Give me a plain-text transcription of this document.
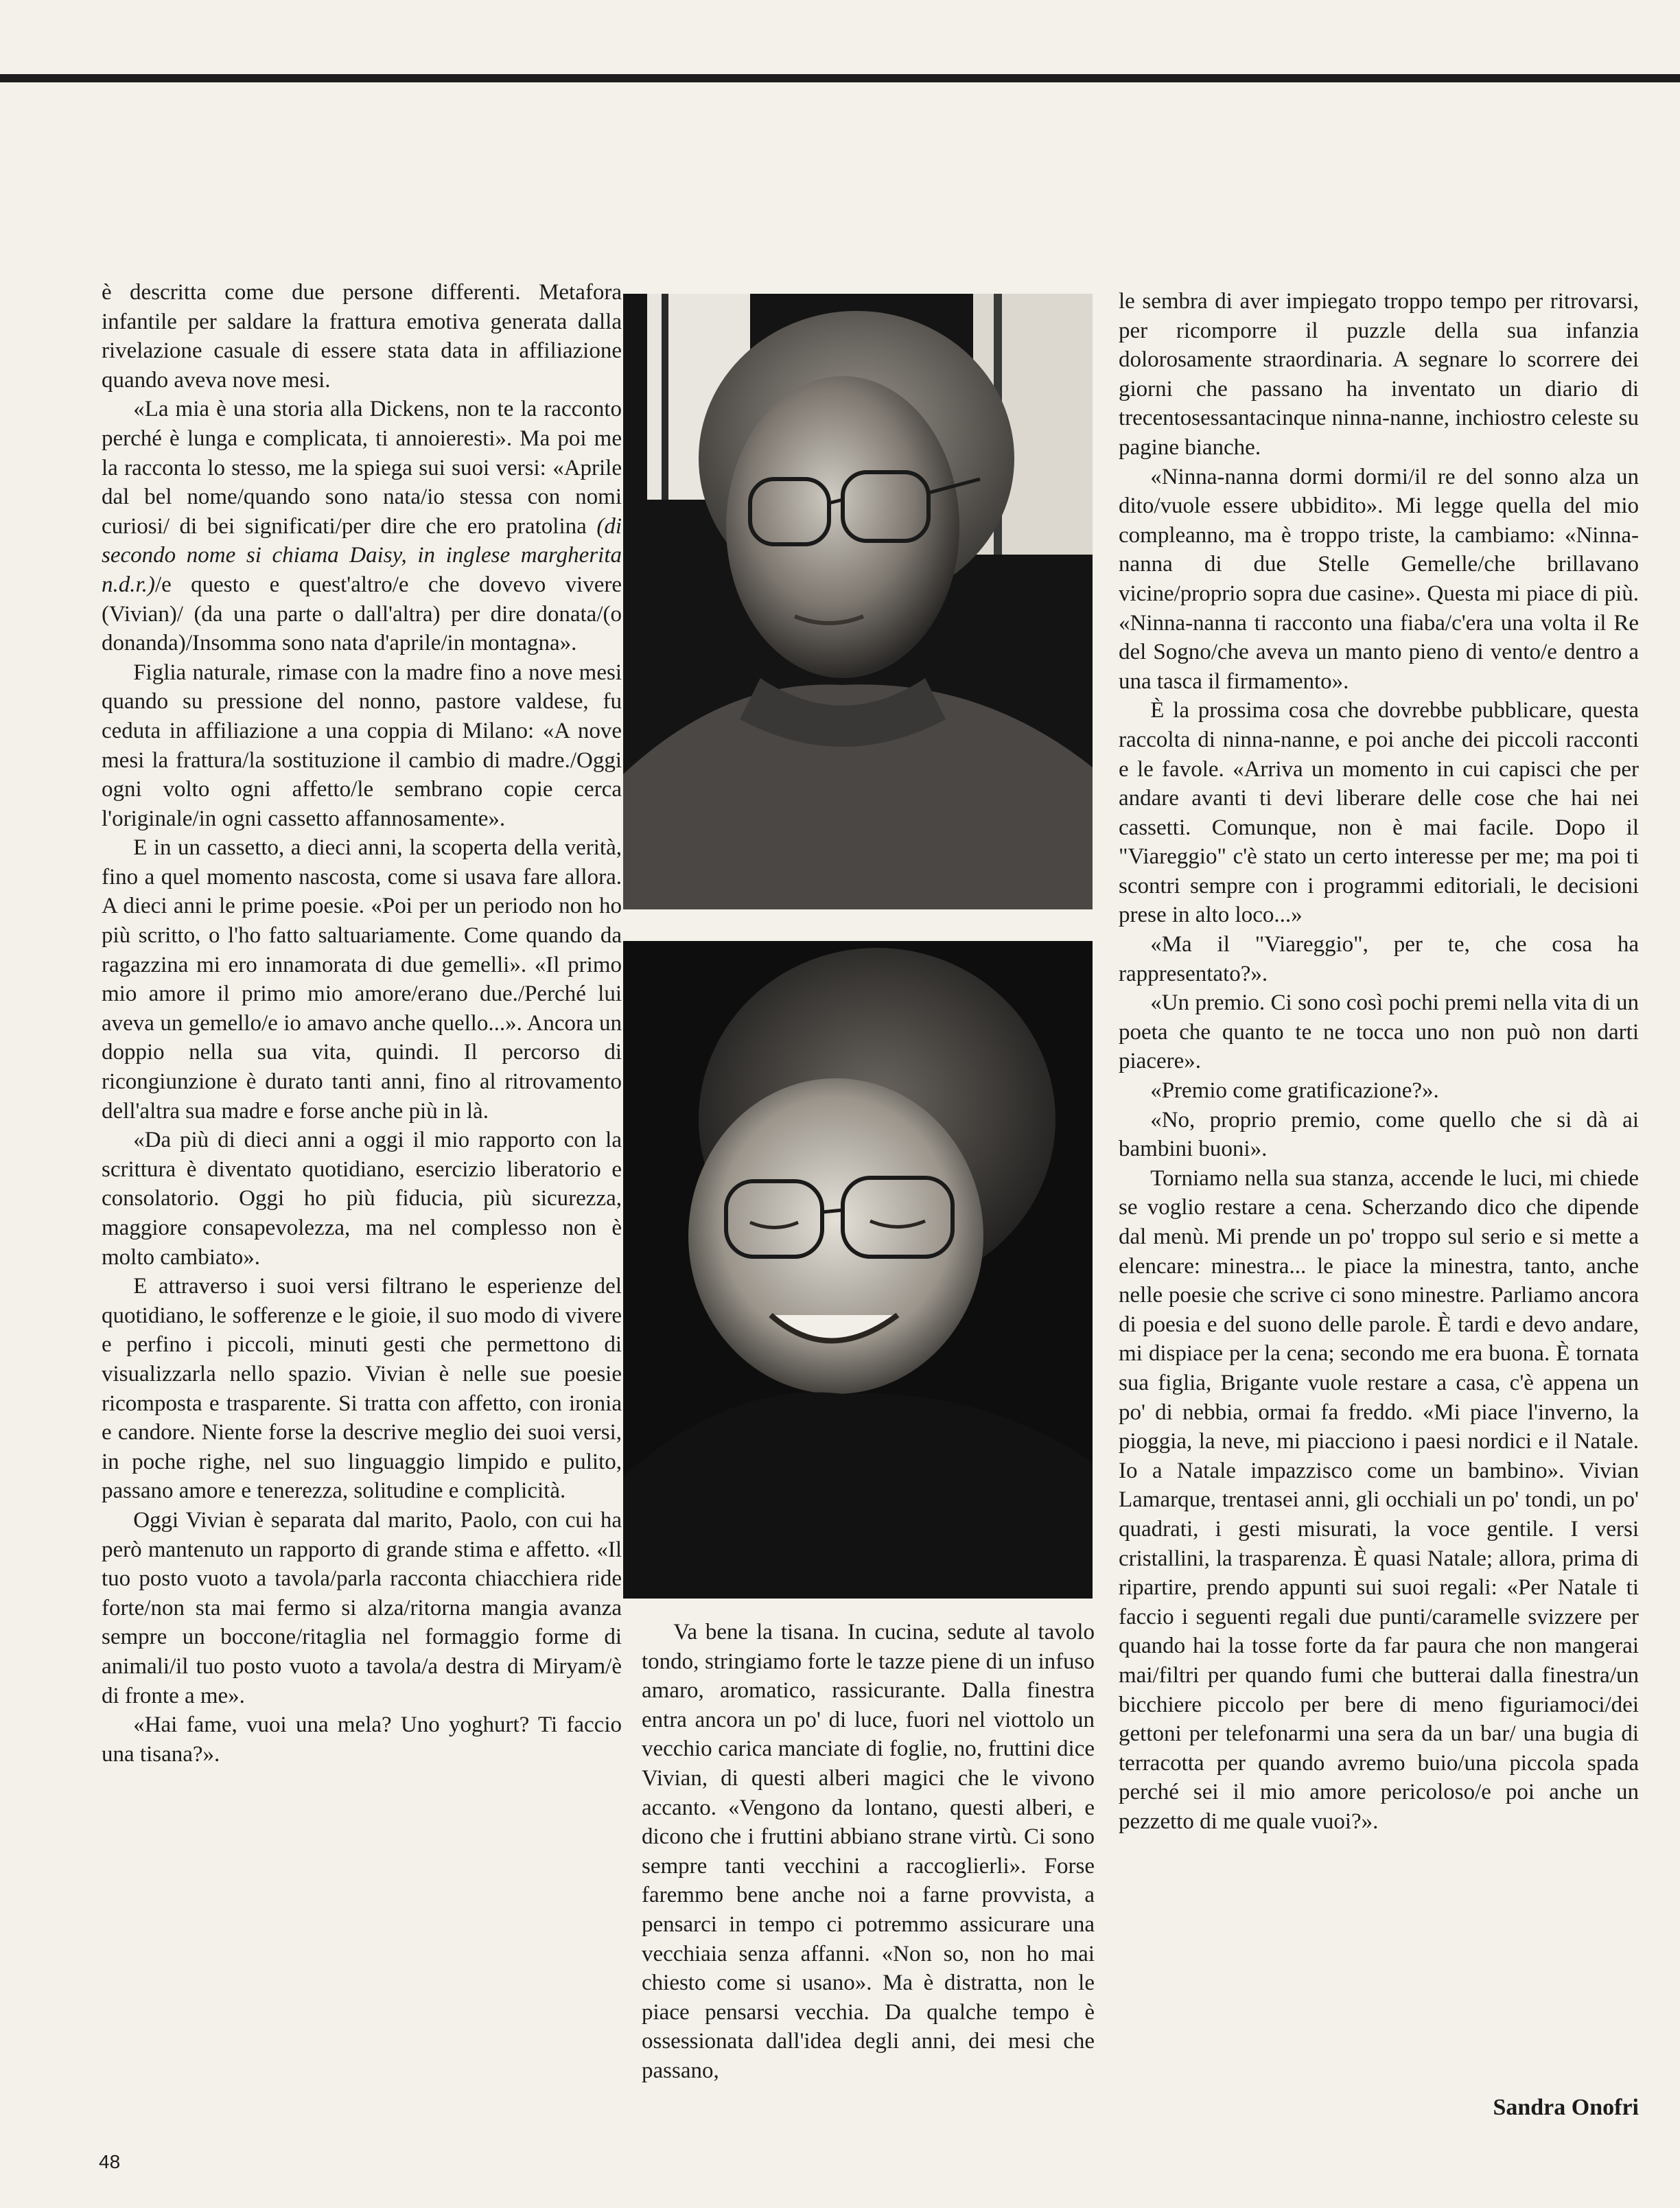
è descritta come due persone differenti. Metafora infantile per saldare la frattura emotiva generata dalla rivelazione casuale di essere stata data in affiliazione quando aveva nove mesi.

«La mia è una storia alla Dickens, non te la racconto perché è lunga e complicata, ti annoieresti». Ma poi me la racconta lo stesso, me la spiega sui suoi versi: «Aprile dal bel nome/quando sono nata/io stessa con nomi curiosi/ di bei significati/per dire che ero pratolina (di secondo nome si chiama Daisy, in inglese margherita n.d.r.)/e questo e quest'altro/e che dovevo vivere (Vivian)/ (da una parte o dall'altra) per dire donata/(o donanda)/Insomma sono nata d'aprile/in montagna».

Figlia naturale, rimase con la madre fino a nove mesi quando su pressione del nonno, pastore valdese, fu ceduta in affiliazione a una coppia di Milano: «A nove mesi la frattura/la sostituzione il cambio di madre./Oggi ogni volto ogni affetto/le sembrano copie cerca l'originale/in ogni cassetto affannosamente».

E in un cassetto, a dieci anni, la scoperta della verità, fino a quel momento nascosta, come si usava fare allora. A dieci anni le prime poesie. «Poi per un periodo non ho più scritto, o l'ho fatto saltuariamente. Come quando da ragazzina mi ero innamorata di due gemelli». «Il primo mio amore il primo mio amore/erano due./Perché lui aveva un gemello/e io amavo anche quello...». Ancora un doppio nella sua vita, quindi. Il percorso di ricongiunzione è durato tanti anni, fino al ritrovamento dell'altra sua madre e forse anche più in là.

«Da più di dieci anni a oggi il mio rapporto con la scrittura è diventato quotidiano, esercizio liberatorio e consolatorio. Oggi ho più fiducia, più sicurezza, maggiore consapevolezza, ma nel complesso non è molto cambiato».

E attraverso i suoi versi filtrano le esperienze del quotidiano, le sofferenze e le gioie, il suo modo di vivere e perfino i piccoli, minuti gesti che permettono di visualizzarla nello spazio. Vivian è nelle sue poesie ricomposta e trasparente. Si tratta con affetto, con ironia e candore. Niente forse la descrive meglio dei suoi versi, in poche righe, nel suo linguaggio limpido e pulito, passano amore e tenerezza, solitudine e complicità.

Oggi Vivian è separata dal marito, Paolo, con cui ha però mantenuto un rapporto di grande stima e affetto. «Il tuo posto vuoto a tavola/parla racconta chiacchiera ride forte/non sta mai fermo si alza/ritorna mangia avanza sempre un boccone/ritaglia nel formaggio forme di animali/il tuo posto vuoto a tavola/a destra di Miryam/è di fronte a me».

«Hai fame, vuoi una mela? Uno yoghurt? Ti faccio una tisana?».

Va bene la tisana. In cucina, sedute al tavolo tondo, stringiamo forte le tazze piene di un infuso amaro, aromatico, rassicurante. Dalla finestra entra ancora un po' di luce, fuori nel viottolo un vecchio carica manciate di foglie, no, fruttini dice Vivian, di questi alberi magici che le vivono accanto. «Vengono da lontano, questi alberi, e dicono che i fruttini abbiano strane virtù. Ci sono sempre tanti vecchini a raccoglierli». Forse faremmo bene anche noi a farne provvista, a pensarci in tempo ci potremmo assicurare una vecchiaia senza affanni. «Non so, non ho mai chiesto come si usano». Ma è distratta, non le piace pensarsi vecchia. Da qualche tempo è ossessionata dall'idea degli anni, dei mesi che passano,

le sembra di aver impiegato troppo tempo per ritrovarsi, per ricomporre il puzzle della sua infanzia dolorosamente straordinaria. A segnare lo scorrere dei giorni che passano ha inventato un diario di trecentosessantacinque ninna-nanne, inchiostro celeste su pagine bianche.

«Ninna-nanna dormi dormi/il re del sonno alza un dito/vuole essere ubbidito». Mi legge quella del mio compleanno, ma è troppo triste, la cambiamo: «Ninna-nanna di due Stelle Gemelle/che brillavano vicine/proprio sopra due casine». Questa mi piace di più. «Ninna-nanna ti racconto una fiaba/c'era una volta il Re del Sogno/che aveva un manto pieno di vento/e dentro a una tasca il firmamento».

È la prossima cosa che dovrebbe pubblicare, questa raccolta di ninna-nanne, e poi anche dei piccoli racconti e le favole. «Arriva un momento in cui capisci che per andare avanti ti devi liberare delle cose che hai nei cassetti. Comunque, non è mai facile. Dopo il "Viareggio" c'è stato un certo interesse per me; ma poi ti scontri sempre con i programmi editoriali, le decisioni prese in alto loco...»

«Ma il "Viareggio", per te, che cosa ha rappresentato?».

«Un premio. Ci sono così pochi premi nella vita di un poeta che quanto te ne tocca uno non può non darti piacere».

«Premio come gratificazione?».

«No, proprio premio, come quello che si dà ai bambini buoni».

Torniamo nella sua stanza, accende le luci, mi chiede se voglio restare a cena. Scherzando dico che dipende dal menù. Mi prende un po' troppo sul serio e si mette a elencare: minestra... le piace la minestra, tanto, anche nelle poesie che scrive ci sono minestre. Parliamo ancora di poesia e del suono delle parole. È tardi e devo andare, mi dispiace per la cena; secondo me era buona. È tornata sua figlia, Brigante vuole restare a casa, c'è appena un po' di nebbia, ormai fa freddo. «Mi piace l'inverno, la pioggia, la neve, mi piacciono i paesi nordici e il Natale. Io a Natale impazzisco come un bambino». Vivian Lamarque, trentasei anni, gli occhiali un po' tondi, un po' quadrati, i gesti misurati, la voce gentile. I versi cristallini, la trasparenza. È quasi Natale; allora, prima di ripartire, prendo appunti sui suoi regali: «Per Natale ti faccio i seguenti regali due punti/caramelle svizzere per quando hai la tosse forte da far paura che non mangerai mai/filtri per quando fumi che butterai dalla finestra/un bicchiere piccolo per bere di meno figuriamoci/dei gettoni per telefonarmi una sera da un bar/ una bugia di terracotta per quando avremo buio/una piccola spada perché sei il mio amore pericoloso/e poi anche un pezzetto di me quale vuoi?».

Sandra Onofri
48
